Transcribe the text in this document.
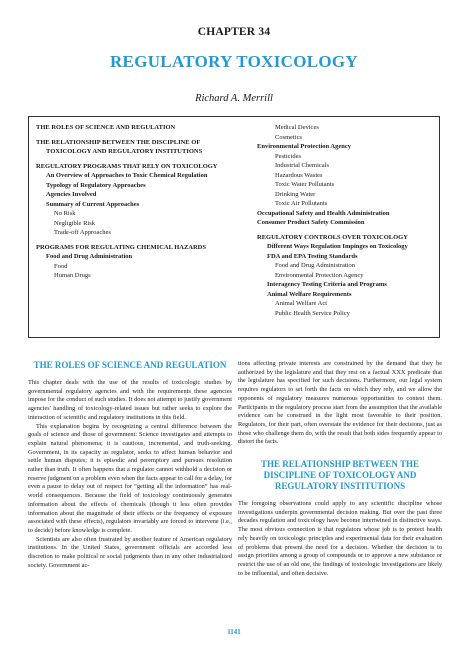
CHAPTER 34
REGULATORY TOXICOLOGY
Richard A. Merrill
THE ROLES OF SCIENCE AND REGULATION
THE RELATIONSHIP BETWEEN THE DISCIPLINE OF TOXICOLOGY AND REGULATORY INSTITUTIONS
REGULATORY PROGRAMS THAT RELY ON TOXICOLOGY
An Overview of Approaches to Toxic Chemical Regulation
Typology of Regulatory Approaches
Agencies Involved
Summary of Current Approaches
No Risk
Negligible Risk
Trade-off Approaches
PROGRAMS FOR REGULATING CHEMICAL HAZARDS
Food and Drug Administration
Food
Human Drugs
Medical Devices
Cosmetics
Environmental Protection Agency
Pesticides
Industrial Chemicals
Hazardous Wastes
Toxic Water Pollutants
Drinking Water
Toxic Air Pollutants
Occupational Safety and Health Administration
Consumer Product Safety Commission
REGULATORY CONTROLS OVER TOXICOLOGY
Different Ways Regulation Impinges on Toxicology
FDA and EPA Testing Standards
Food and Drug Administration
Environmental Protection Agency
Interagency Testing Criteria and Programs
Animal Welfare Requirements
Animal Welfare Act
Public Health Service Policy
THE ROLES OF SCIENCE AND REGULATION

This chapter deals with the use of the results of toxicologic studies by governmental regulatory agencies and with the requirements these agencies impose for the conduct of such studies. It does not attempt to justify government agencies' handling of toxicology-related issues but rather seeks to explore the interaction of scientific and regulatory institutions in this field.

This explanation begins by recognizing a central difference between the goals of science and those of government: Science investigates and attempts to explain natural phenomena; it is cautious, incremental, and truth-seeking. Government, in its capacity as regulator, seeks to affect human behavior and settle human disputes; it is episodic and peremptory and pursues resolution rather than truth. It often happens that a regulator cannot withhold a decision or reserve judgment on a problem even when the facts appear to call for a delay, for even a pause to delay out of respect for “getting all the information” has real-world consequences. Because the field of toxicology continuously generates information about the effects of chemicals (though it less often provides information about the magnitude of their effects or the frequency of exposure associated with these effects), regulators invariably are forced to intervene (i.e., to decide) before knowledge is complete.

Scientists are also often frustrated by another feature of American regulatory institutions. In the United States, government officials are accorded less discretion to make political or social judgments than in any other industrialized society. Government ac-

tions affecting private interests are constrained by the demand that they be authorized by the legislature and that they rest on a factual XXX predicate that the legislature has specified for such decisions. Furthermore, our legal system requires regulators to set forth the facts on which they rely, and we allow the opponents of regulatory measures numerous opportunities to contest them. Participants in the regulatory process start from the assumption that the available evidence can be construed in the light most favorable to their position. Regulators, for their part, often overstate the evidence for their decisions, just as those who challenge them do, with the result that both sides frequently appear to distort the facts.

THE RELATIONSHIP BETWEEN THE DISCIPLINE OF TOXICOLOGY AND REGULATORY INSTITUTIONS

The foregoing observations could apply to any scientific discipline whose investigations underpin governmental decision making. But over the past three decades regulation and toxicology have become intertwined in distinctive ways. The most obvious connection is that regulators whose job is to protect health rely heavily on toxicologic principles and experimental data for their evaluation of problems that present the need for a decision. Whether the decision is to assign priorities among a group of compounds or to approve a new substance or restrict the use of an old one, the findings of toxicologic investigations are likely to be influential, and often decisive.

1141
